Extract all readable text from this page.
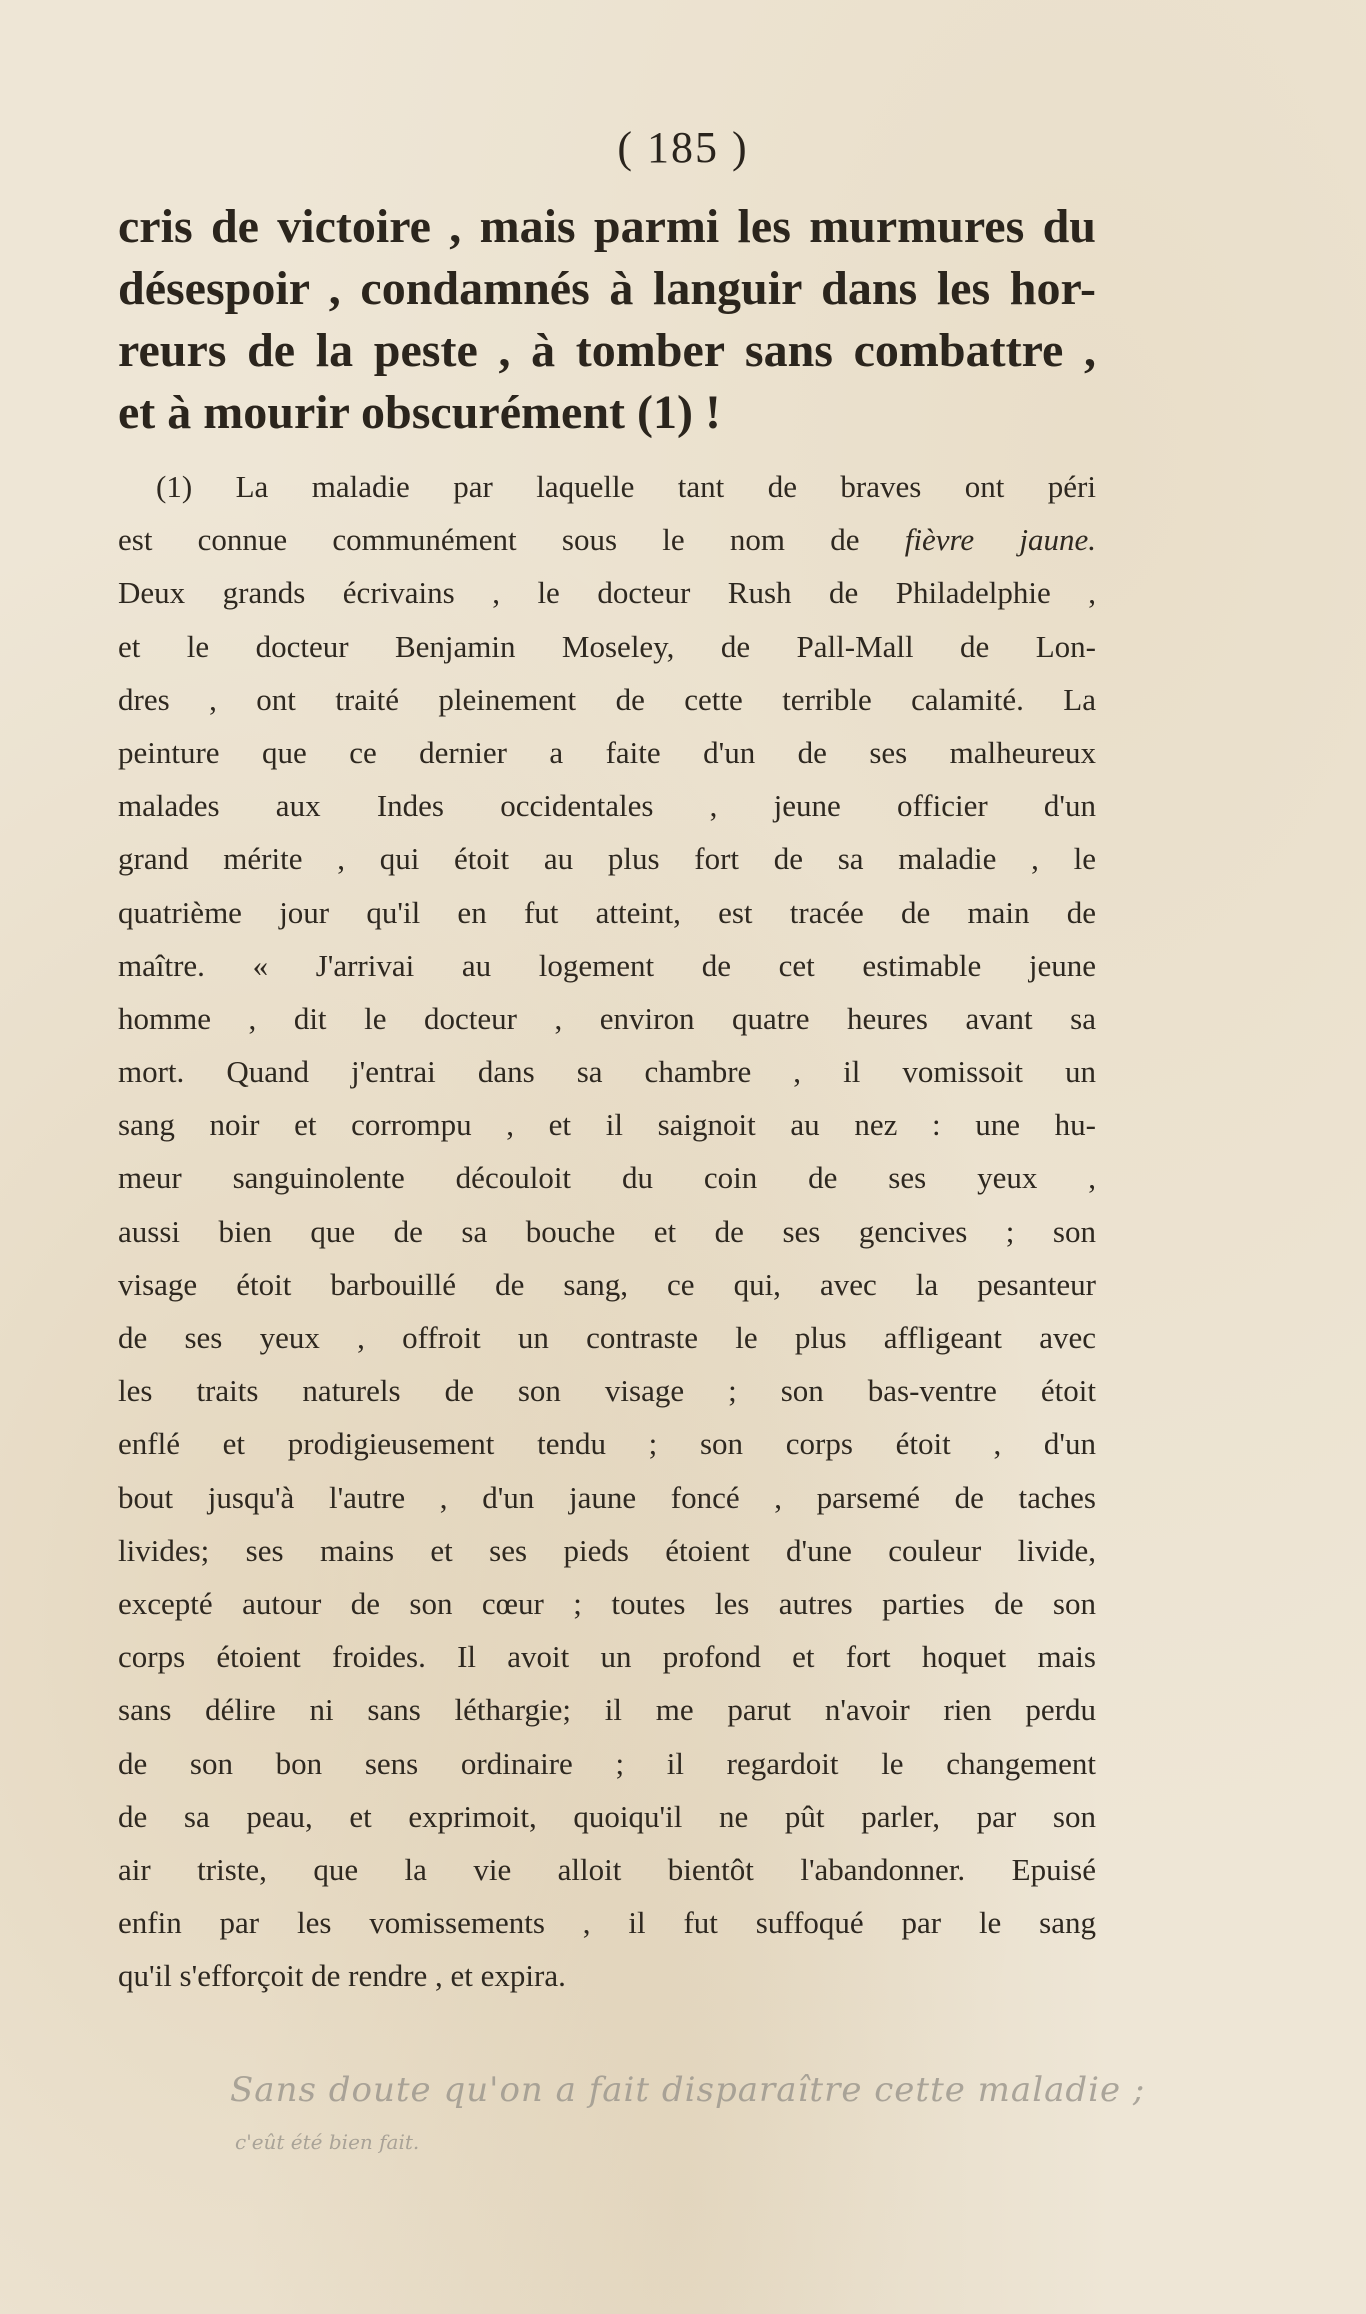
( 185 )
cris de victoire , mais parmi les murmures du
désespoir , condamnés à languir dans les hor-
reurs de la peste , à tomber sans combattre ,
et à mourir obscurément (1) !
(1) La maladie par laquelle tant de braves ont péri
est connue communément sous le nom de fièvre jaune.
Deux grands écrivains , le docteur Rush de Philadelphie ,
et le docteur Benjamin Moseley, de Pall-Mall de Lon-
dres , ont traité pleinement de cette terrible calamité. La
peinture que ce dernier a faite d'un de ses malheureux
malades aux Indes occidentales , jeune officier d'un
grand mérite , qui étoit au plus fort de sa maladie , le
quatrième jour qu'il en fut atteint, est tracée de main de
maître. « J'arrivai au logement de cet estimable jeune
homme , dit le docteur , environ quatre heures avant sa
mort. Quand j'entrai dans sa chambre , il vomissoit un
sang noir et corrompu , et il saignoit au nez : une hu-
meur sanguinolente découloit du coin de ses yeux ,
aussi bien que de sa bouche et de ses gencives ; son
visage étoit barbouillé de sang, ce qui, avec la pesanteur
de ses yeux , offroit un contraste le plus affligeant avec
les traits naturels de son visage ; son bas-ventre étoit
enflé et prodigieusement tendu ; son corps étoit , d'un
bout jusqu'à l'autre , d'un jaune foncé , parsemé de taches
livides; ses mains et ses pieds étoient d'une couleur livide,
excepté autour de son cœur ; toutes les autres parties de son
corps étoient froides. Il avoit un profond et fort hoquet mais
sans délire ni sans léthargie; il me parut n'avoir rien perdu
de son bon sens ordinaire ; il regardoit le changement
de sa peau, et exprimoit, quoiqu'il ne pût parler, par son
air triste, que la vie alloit bientôt l'abandonner. Epuisé
enfin par les vomissements , il fut suffoqué par le sang
qu'il s'efforçoit de rendre , et expira.
Sans doute qu'on a fait disparaître cette maladie ;
c'eût été bien fait.
